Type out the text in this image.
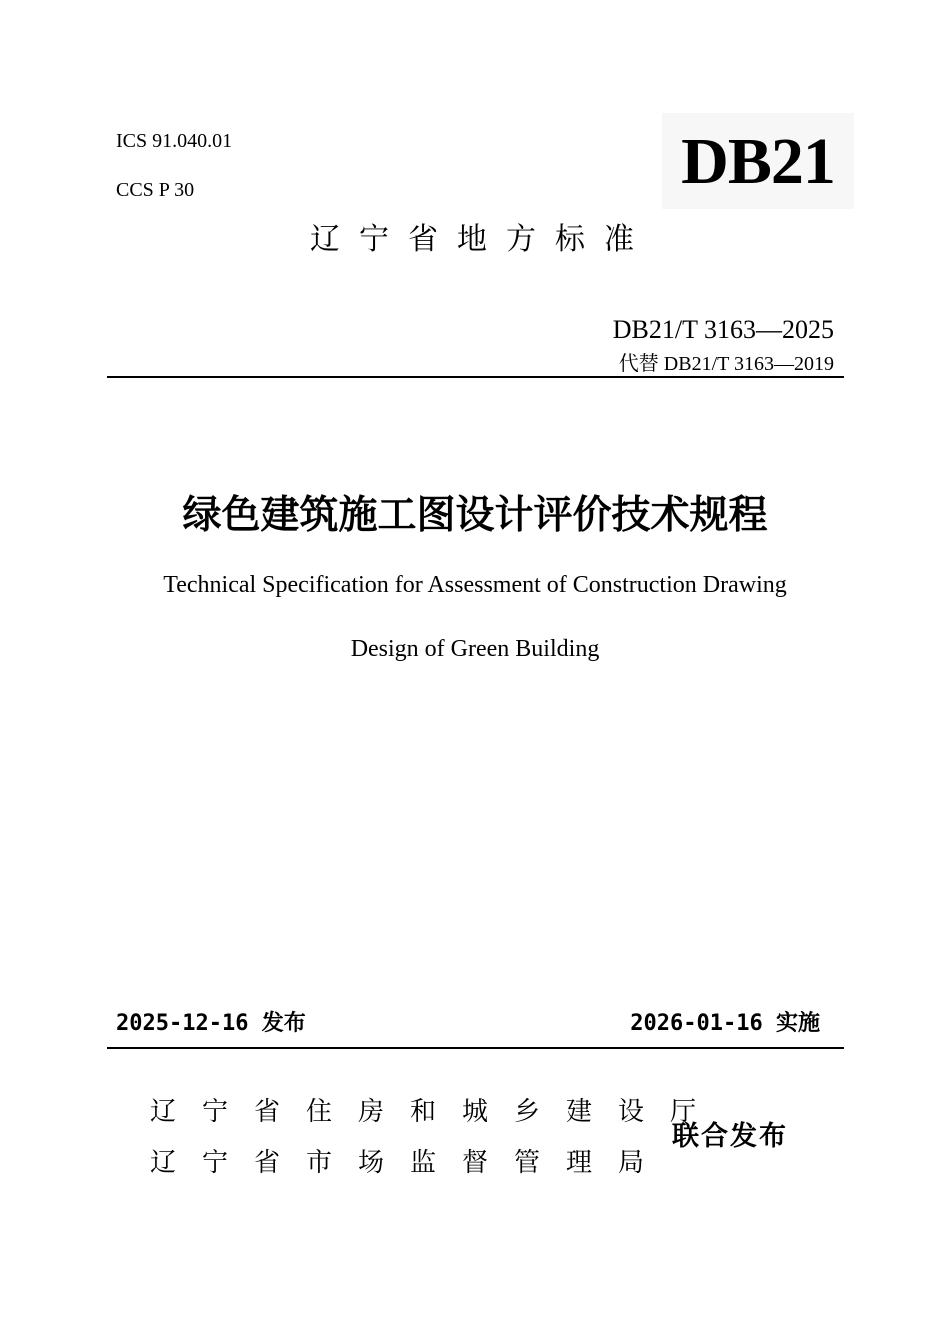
ICS 91.040.01
CCS P 30	DB21
辽宁省地方标准
DB21/T 3163—2025
代替 DB21/T 3163—2019
绿色建筑施工图设计评价技术规程
Technical Specification for Assessment of Construction Drawing
Design of Green Building
2025-12-16 发布	2026-01-16 实施
辽宁省住房和城乡建设厅
辽宁省市场监督管理局
联合发布
